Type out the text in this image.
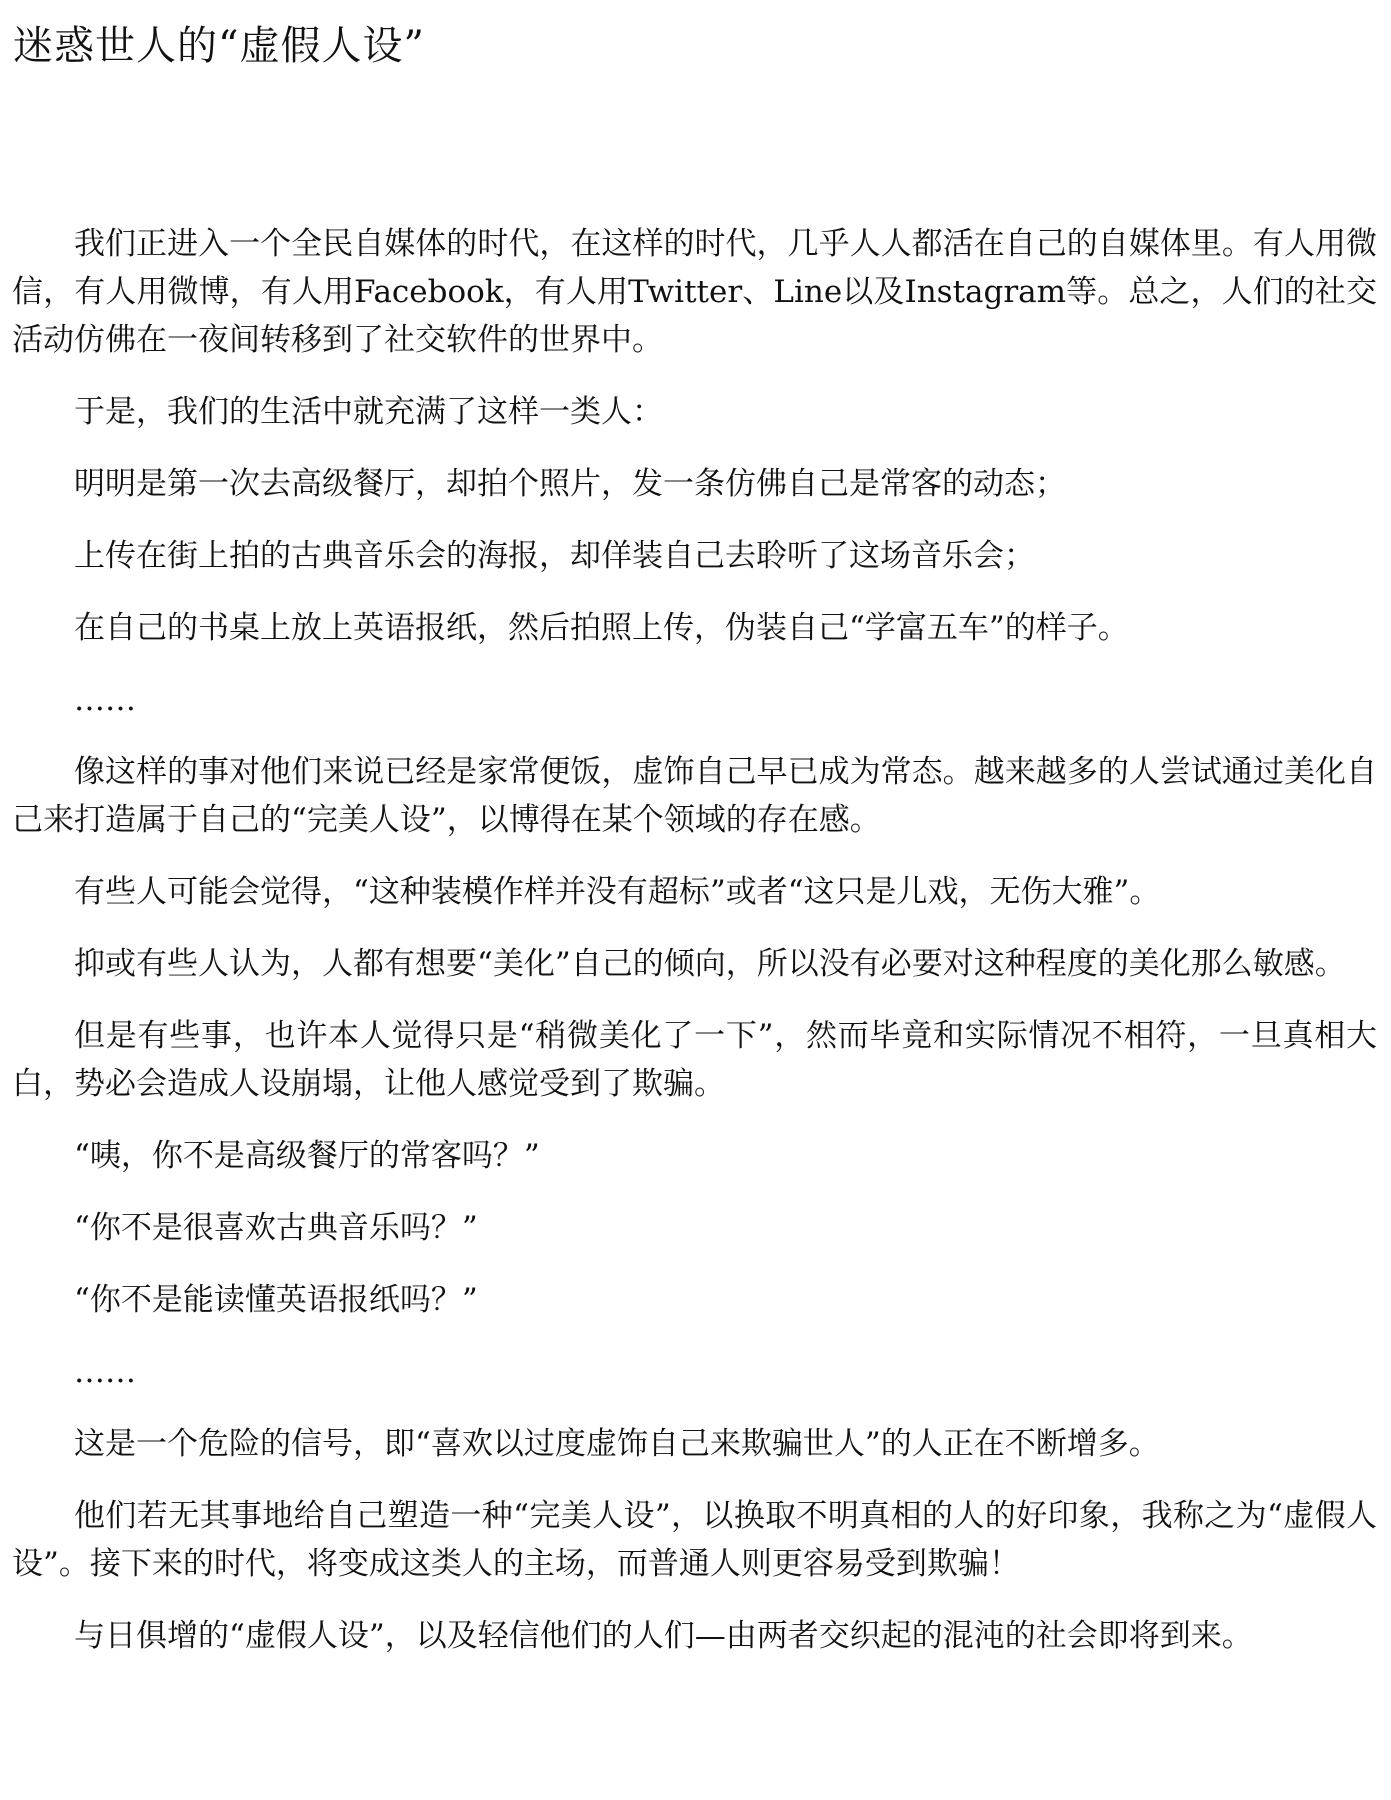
迷惑世人的“虚假人设”

我们正进入一个全民自媒体的时代，在这样的时代，几乎人人都活在自己的自媒体里。有人用微信，有人用微博，有人用Facebook，有人用Twitter、Line以及Instagram等。总之，人们的社交活动仿佛在一夜间转移到了社交软件的世界中。

于是，我们的生活中就充满了这样一类人：

明明是第一次去高级餐厅，却拍个照片，发一条仿佛自己是常客的动态；

上传在街上拍的古典音乐会的海报，却佯装自己去聆听了这场音乐会；

在自己的书桌上放上英语报纸，然后拍照上传，伪装自己“学富五车”的样子。

……

像这样的事对他们来说已经是家常便饭，虚饰自己早已成为常态。越来越多的人尝试通过美化自己来打造属于自己的“完美人设”，以博得在某个领域的存在感。

有些人可能会觉得，“这种装模作样并没有超标”或者“这只是儿戏，无伤大雅”。

抑或有些人认为，人都有想要“美化”自己的倾向，所以没有必要对这种程度的美化那么敏感。

但是有些事，也许本人觉得只是“稍微美化了一下”，然而毕竟和实际情况不相符，一旦真相大白，势必会造成人设崩塌，让他人感觉受到了欺骗。

“咦，你不是高级餐厅的常客吗？”

“你不是很喜欢古典音乐吗？”

“你不是能读懂英语报纸吗？”

……

这是一个危险的信号，即“喜欢以过度虚饰自己来欺骗世人”的人正在不断增多。

他们若无其事地给自己塑造一种“完美人设”，以换取不明真相的人的好印象，我称之为“虚假人设”。接下来的时代，将变成这类人的主场，而普通人则更容易受到欺骗！

与日俱增的“虚假人设”，以及轻信他们的人们—由两者交织起的混沌的社会即将到来。
